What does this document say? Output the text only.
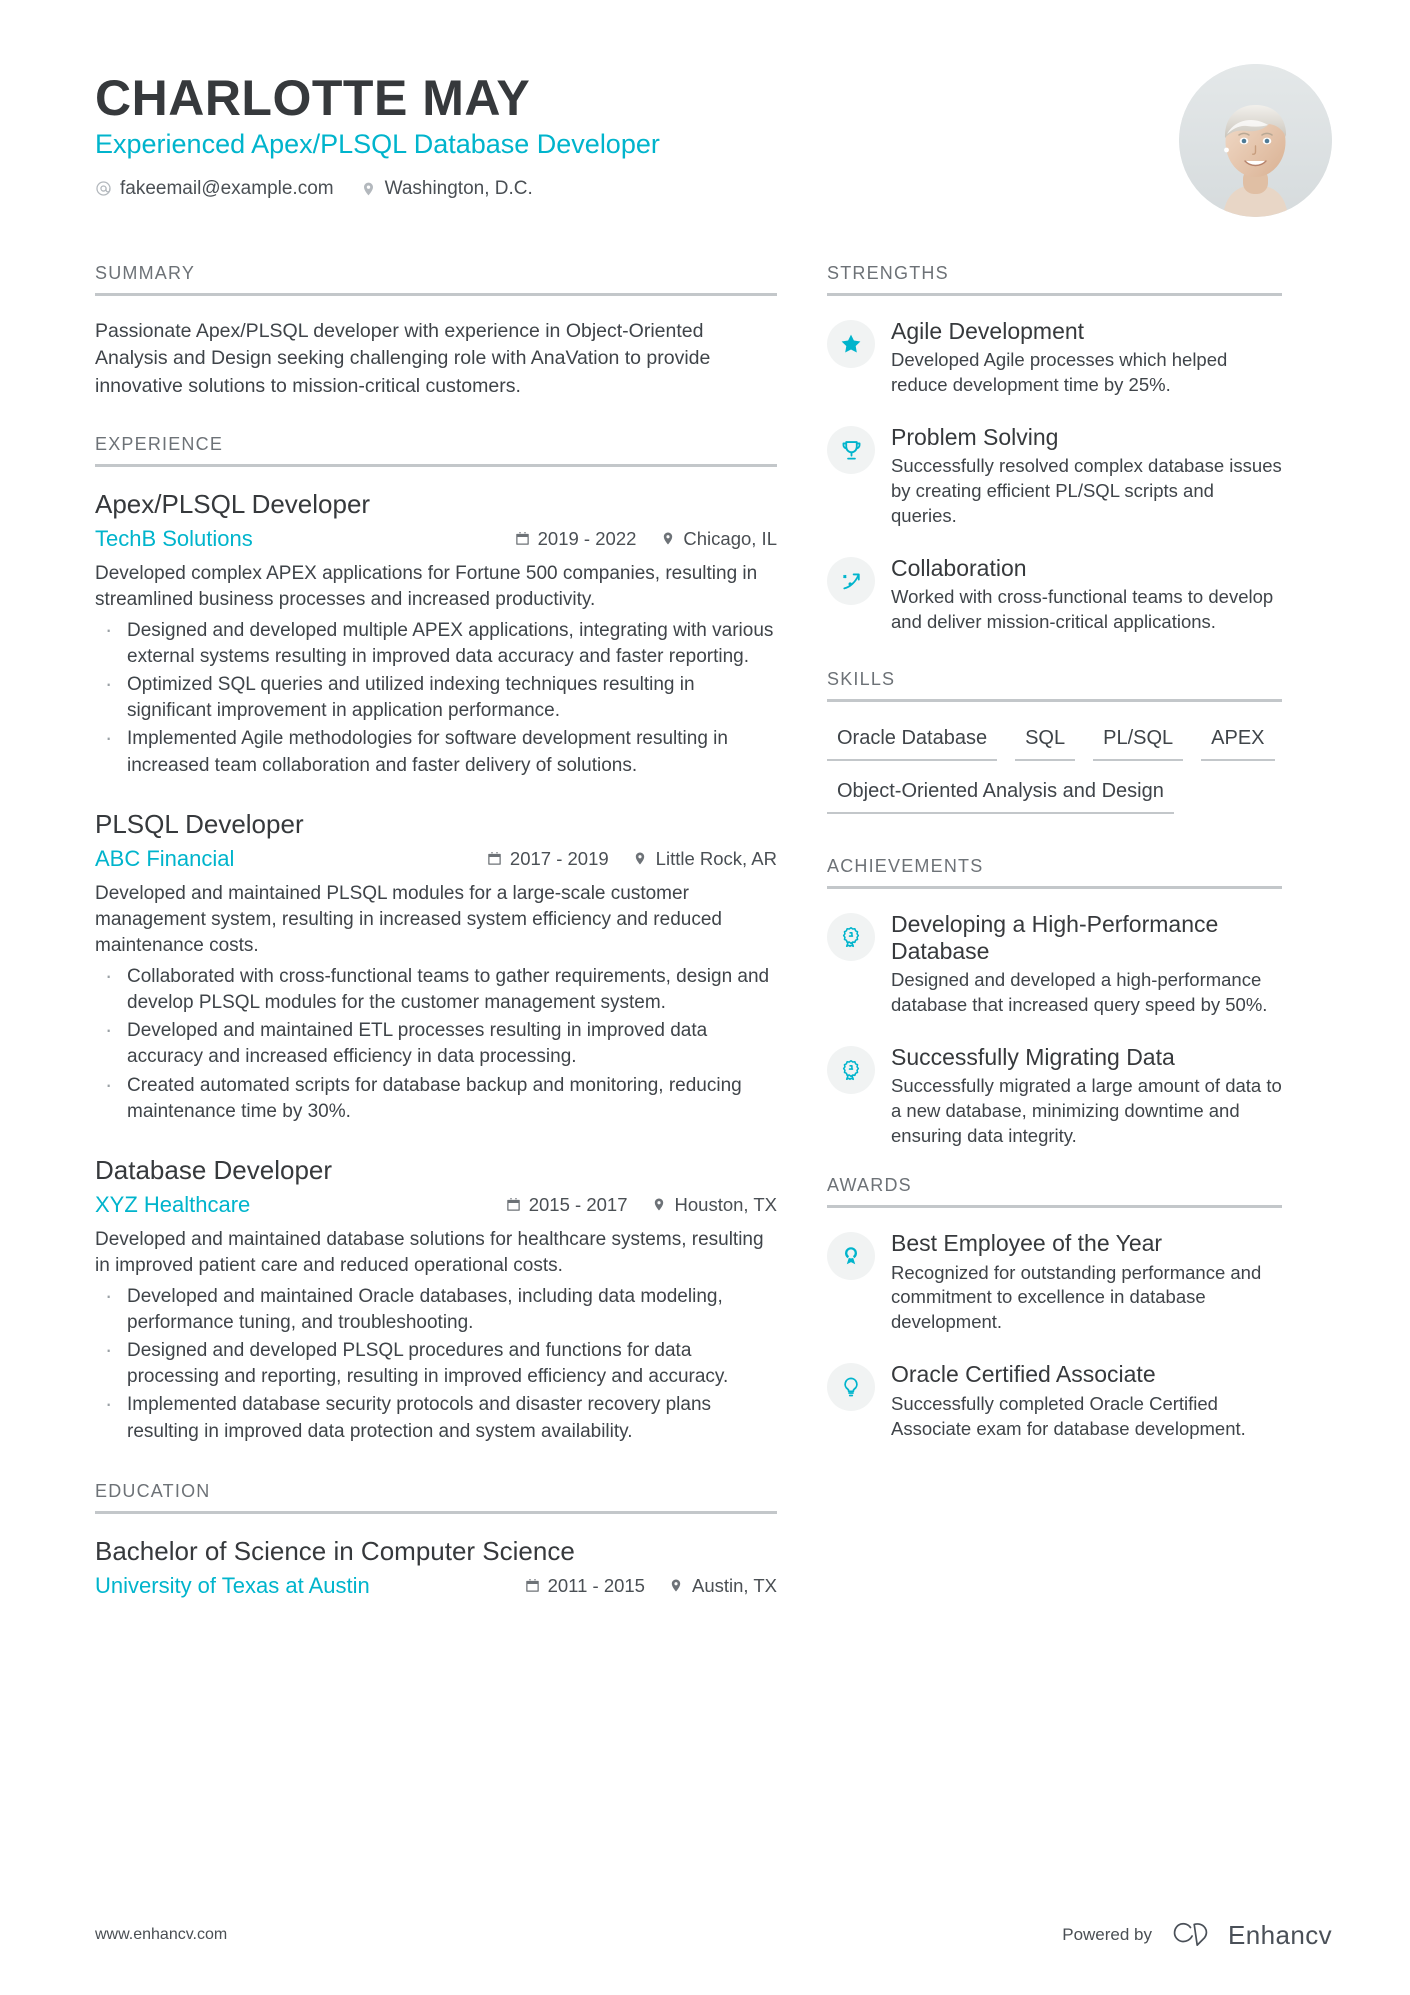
CHARLOTTE MAY
Experienced Apex/PLSQL Database Developer
fakeemail@example.com	Washington, D.C.
SUMMARY

Passionate Apex/PLSQL developer with experience in Object-Oriented Analysis and Design seeking challenging role with AnaVation to provide innovative solutions to mission-critical customers.

EXPERIENCE
Apex/PLSQL Developer
TechB Solutions	2019 - 2022	Chicago, IL

Developed complex APEX applications for Fortune 500 companies, resulting in streamlined business processes and increased productivity.

· Designed and developed multiple APEX applications, integrating with various external systems resulting in improved data accuracy and faster reporting.
· Optimized SQL queries and utilized indexing techniques resulting in significant improvement in application performance.
· Implemented Agile methodologies for software development resulting in increased team collaboration and faster delivery of solutions.
PLSQL Developer
ABC Financial	2017 - 2019	Little Rock, AR

Developed and maintained PLSQL modules for a large-scale customer management system, resulting in increased system efficiency and reduced maintenance costs.

· Collaborated with cross-functional teams to gather requirements, design and develop PLSQL modules for the customer management system.
· Developed and maintained ETL processes resulting in improved data accuracy and increased efficiency in data processing.
· Created automated scripts for database backup and monitoring, reducing maintenance time by 30%.
Database Developer
XYZ Healthcare	2015 - 2017	Houston, TX

Developed and maintained database solutions for healthcare systems, resulting in improved patient care and reduced operational costs.

· Developed and maintained Oracle databases, including data modeling, performance tuning, and troubleshooting.
· Designed and developed PLSQL procedures and functions for data processing and reporting, resulting in improved efficiency and accuracy.
· Implemented database security protocols and disaster recovery plans resulting in improved data protection and system availability.
EDUCATION
Bachelor of Science in Computer Science
University of Texas at Austin	2011 - 2015	Austin, TX
STRENGTHS
Agile Development

Developed Agile processes which helped reduce development time by 25%.

Problem Solving

Successfully resolved complex database issues by creating efficient PL/SQL scripts and queries.

Collaboration

Worked with cross-functional teams to develop and deliver mission-critical applications.

SKILLS
Oracle Database	SQL	PL/SQL	APEX
Object-Oriented Analysis and Design
ACHIEVEMENTS
Developing a High-Performance Database

Designed and developed a high-performance database that increased query speed by 50%.

Successfully Migrating Data

Successfully migrated a large amount of data to a new database, minimizing downtime and ensuring data integrity.

AWARDS
Best Employee of the Year

Recognized for outstanding performance and commitment to excellence in database development.

Oracle Certified Associate

Successfully completed Oracle Certified Associate exam for database development.

www.enhancv.com	Powered by	Enhancv
